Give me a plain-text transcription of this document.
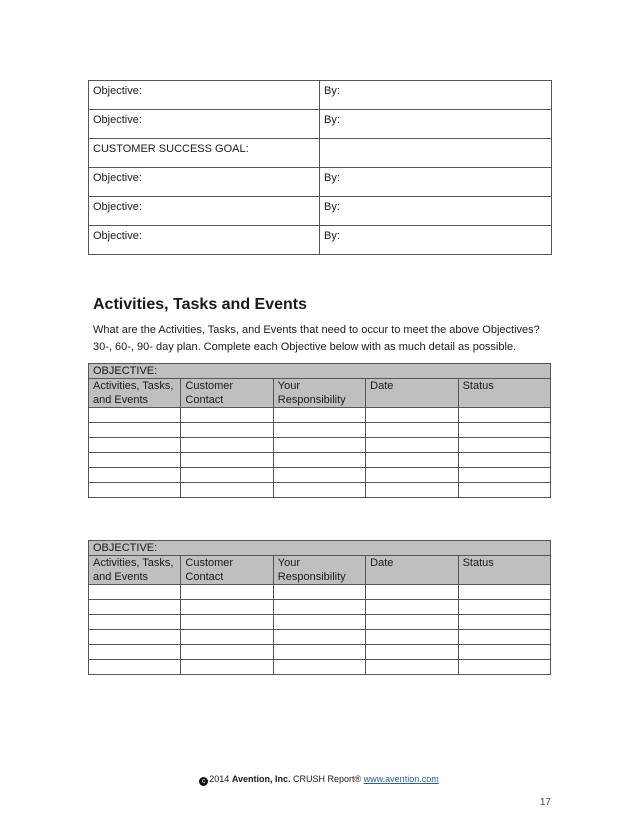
Objective:	By:
Objective:	By:
CUSTOMER SUCCESS GOAL:	
Objective:	By:
Objective:	By:
Objective:	By:
Activities, Tasks and Events

What are the Activities, Tasks, and Events that need to occur to meet the above Objectives? 30-, 60-, 90- day plan. Complete each Objective below with as much detail as possible.

OBJECTIVE:				
Activities, Tasks, and Events	Customer Contact	Your Responsibility	Date	Status

OBJECTIVE:				
Activities, Tasks, and Events	Customer Contact	Your Responsibility	Date	Status

c 2014 Avention, Inc. CRUSH Report® www.avention.com
17
